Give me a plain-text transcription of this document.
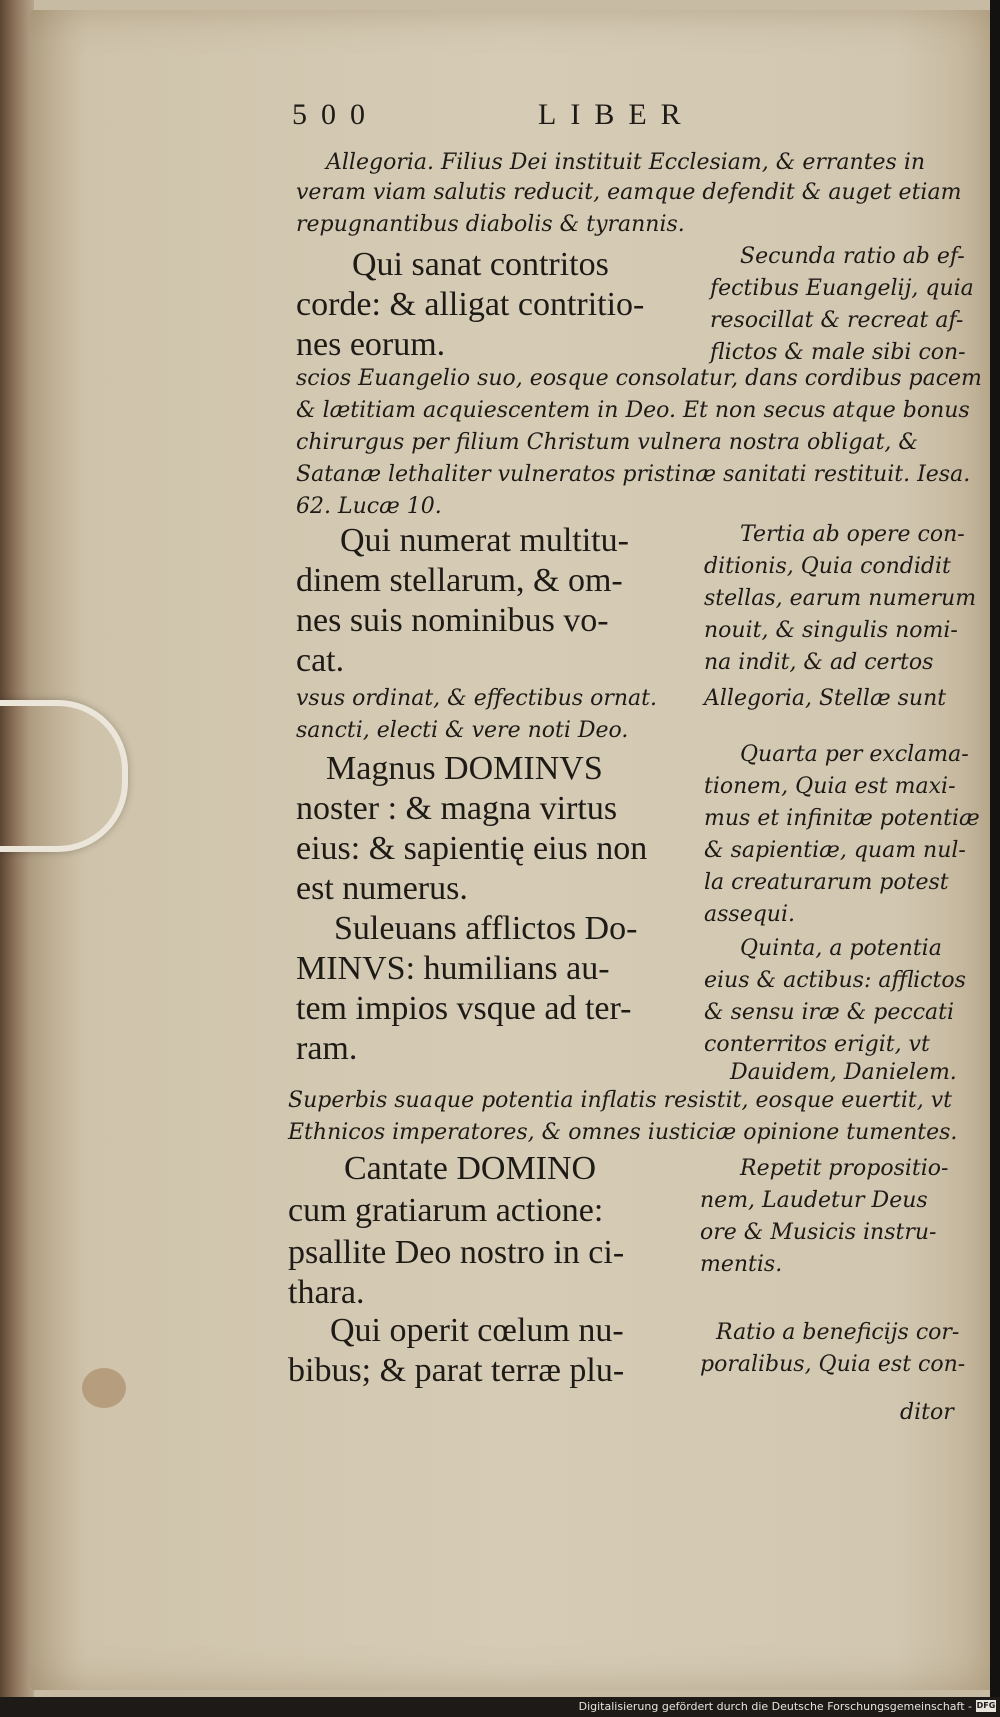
500	LIBER
Allegoria. Filius Dei instituit Ecclesiam, & errantes in
veram viam salutis reducit, eamque defendit & auget etiam
repugnantibus diabolis & tyrannis.
Qui sanat contritos
corde: & alligat contritio-
nes eorum.
scios Euangelio suo, eosque consolatur, dans cordibus pacem
& lætitiam acquiescentem in Deo. Et non secus atque bonus
chirurgus per filium Christum vulnera nostra obligat, &
Satanæ lethaliter vulneratos pristinæ sanitati restituit. Iesa.
62. Lucæ 10.
Qui numerat multitu-
dinem stellarum, & om-
nes suis nominibus vo-
cat.
vsus ordinat, & effectibus ornat.
sancti, electi & vere noti Deo.
Magnus DOMINVS
noster : & magna virtus
eius: & sapientię eius non
est numerus.
Suleuans afflictos Do-
MINVS: humilians au-
tem impios vsque ad ter-
ram.
Superbis suaque potentia inflatis resistit, eosque euertit, vt
Ethnicos imperatores, & omnes iusticiæ opinione tumentes.
Cantate DOMINO
cum gratiarum actione:
psallite Deo nostro in ci-
thara.
Qui operit cœlum nu-
bibus; & parat terræ plu-
Secunda ratio ab ef-
fectibus Euangelij, quia
resocillat & recreat af-
flictos & male sibi con-
Tertia ab opere con-
ditionis, Quia condidit
stellas, earum numerum
nouit, & singulis nomi-
na indit, & ad certos
Allegoria, Stellæ sunt
Quarta per exclama-
tionem, Quia est maxi-
mus et infinitæ potentiæ
& sapientiæ, quam nul-
la creaturarum potest
assequi.
Quinta, a potentia
eius & actibus: afflictos
& sensu iræ & peccati
conterritos erigit, vt
Dauidem, Danielem.
Repetit propositio-
nem, Laudetur Deus
ore & Musicis instru-
mentis.
Ratio a beneficijs cor-
poralibus, Quia est con-
ditor
Digitalisierung gefördert durch die Deutsche Forschungsgemeinschaft - DFG
